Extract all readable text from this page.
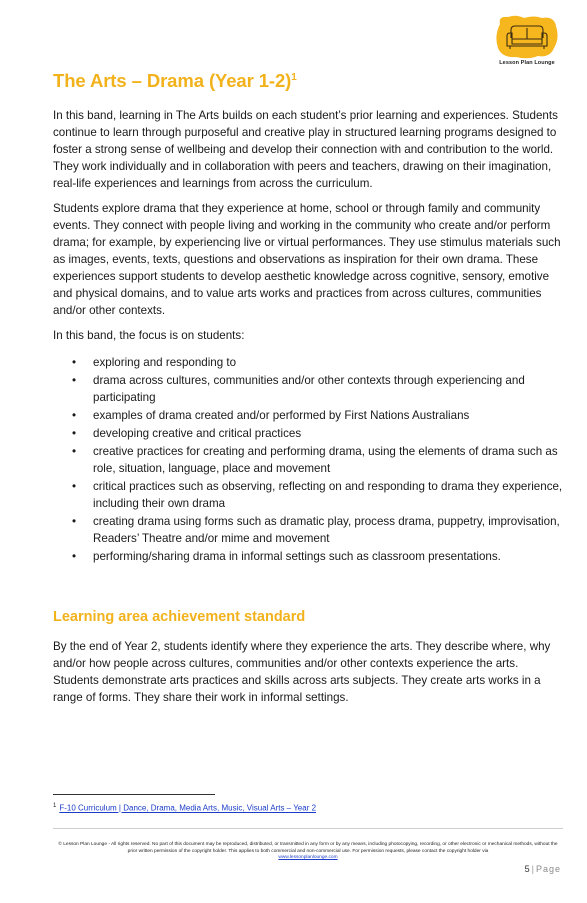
Lesson Plan Lounge
The Arts – Drama (Year 1-2)$^1$

In this band, learning in The Arts builds on each student’s prior learning and experiences. Students continue to learn through purposeful and creative play in structured learning programs designed to foster a strong sense of wellbeing and develop their connection with and contribution to the world. They work individually and in collaboration with peers and teachers, drawing on their imagination, real-life experiences and learnings from across the curriculum.

Students explore drama that they experience at home, school or through family and community events. They connect with people living and working in the community who create and/or perform drama; for example, by experiencing live or virtual performances. They use stimulus materials such as images, events, texts, questions and observations as inspiration for their own drama. These experiences support students to develop aesthetic knowledge across cognitive, sensory, emotive and physical domains, and to value arts works and practices from across cultures, communities and/or other contexts.

In this band, the focus is on students:

• exploring and responding to
• drama across cultures, communities and/or other contexts through experiencing and participating
• examples of drama created and/or performed by First Nations Australians
• developing creative and critical practices
• creative practices for creating and performing drama, using the elements of drama such as role, situation, language, place and movement
• critical practices such as observing, reflecting on and responding to drama they experience, including their own drama
• creating drama using forms such as dramatic play, process drama, puppetry, improvisation, Readers’ Theatre and/or mime and movement
• performing/sharing drama in informal settings such as classroom presentations.
Learning area achievement standard

By the end of Year 2, students identify where they experience the arts. They describe where, why and/or how people across cultures, communities and/or other contexts experience the arts. Students demonstrate arts practices and skills across arts subjects. They create arts works in a range of forms. They share their work in informal settings.

$^1$ F-10 Curriculum | Dance, Drama, Media Arts, Music, Visual Arts – Year 2
© Lesson Plan Lounge - All rights reserved. No part of this document may be reproduced, distributed, or transmitted in any form or by any means, including photocopying, recording, or other electronic or mechanical methods, without the prior written permission of the copyright holder. This applies to both commercial and non-commercial use. For permission requests, please contact the copyright holder via
www.lessonplanlounge.com
5 | Page
